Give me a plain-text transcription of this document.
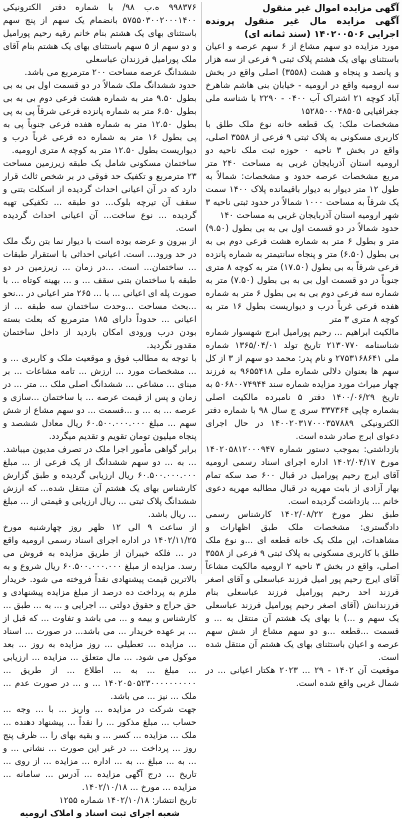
آگهی مزایده اموال غیر منقول

آگهی مزایده مال غیر منقول پرونده اجرایی ۱۴۰۲۰۰۵۰۶ (سند ثمانه ای)

مورد مزایده دو سهم مشاع از ۶ سهم عرصه و اعیان باستثنای بهای یک هشتم پلاک ثبتی ۹ فرعی از سه هزار و پانصد و پنجاه و هشت (۳۵۵۸) اصلی واقع در بخش سه ارومیه واقع در ارومیه - خیابان بنی هاشم شاهرخ آباد کوچه ۲۱ اشتراک آب ۰۴۰۰ - ۲۲۹۰ با شناسه ملی جغرافیایی ۱۵۲۸۵۰۰۰۴۸۵۰۵

مشخصات ملک: یک قطعه خانه نوع ملک طلق با کاربری مسکونی به پلاک ثبتی ۹ فرعی از ۳۵۵۸ اصلی، واقع در بخش ۳ ناحیه ۰ حوزه ثبت ملک ناحیه دو ارومیه استان آذربایجان غربی به مساحت ۲۴۰ متر مربع مشخصات عرصه حدود و مشخصات: شمالاً به طول ۱۲ متر دیوار به دیوار باقیمانده پلاک ۱۴۰۰ سمت یک شرقاً به مساحت ۱۰۰۰ شمالاً در حدود ثبتی ناحیه ۳ شهر ارومیه استان آذربایجان غربی به مساحت ۱۴۰

حدود شمالاً در دو قسمت اول بی به بی بطول (۹.۵۰) متر و بطول ۶ متر به شماره هشت فرعی دوم بی به بی بطول (۶.۵۰) متر و پنجاه سانتیمتر به شماره پانزده فرعی شرقاً به بی بطول (۱۷.۵۰) متر به کوچه ۸ متری جنوباً در دو قسمت اول بی به بی بطول (۷.۵۰) متر به شماره سه فرعی دوم بی به بی بطول ۶ متر به شماره هفده فرعی غرباً درب و دیواریست بطول ۱۶ متر به کوچه ۸ متری ۳ متر

مالکیت ابراهیم ... رحیم پورامیل ابرج شهسوار شماره شناسنامه ۲۱۳۰۷۷۰ تاریخ تولد ۱۳۶۵/۰۴/۰۱ شماره ملی ۲۷۵۳۱۶۸۶۴۱ و نام پدر: محمد دو سهم از ۳ از کل سهم ها بعنوان دلالی شماره ملی ۹۶۵۵۴۱۸ به فرزند چهار میراث مورد مزایده شماره سند ۵۰۶۸۰۰۷۴۹۴۴ به تاریخ ۱۴۰۰/۰۶/۲۹ دفتر ۵ نامبرده مالکیت اصلی بشماره چاپی ۳۳۷۳۶۴ سری ج سال ۹۸ با شماره دفتر الکترونیکی ۱۴۰۰۲۰۳۱۷۰۰۰۳۵۷۸۸۹ در حال اجرای دعوای ابرج صادر شده است.

بازداشتی: بموجب دستور شماره ۱۴۰۲۰۵۸۱۲۰۰۰۹۴۷ مورخ ۱۴۰۲/۰۴/۱۷ اداره اجرای اسناد رسمی ارومیه آقای ایرج رحیم پورامیل در قبال ۶۰۰ صد سکه تمام بهار آزادی از بابت مهریه در قبال مطالبه مهریه دعوی خانم ... بازداشت گردیده است.

طبق نظر مورخ ۱۴۰۲/۰۸/۲۲ کارشناس رسمی دادگستری: مشخصات ملک طبق اظهارات و مشاهدات، این ملک یک خانه قطعه ای ...و نوع ملک طلق با کاربری مسکونی به پلاک ثبتی ۹ فرعی از ۳۵۵۸ اصلی، واقع در بخش ۳ ناحیه ۲ ارومیه مالکیت مشاعاً آقای ایرج رحیم پور امیل فرزند عباسعلی و آقای اصغر فرزند احد رحیم پورامیل فرزند عباسعلی بنام فرزندانش (آقای اصغر رحیم پورامیل فرزند عباسعلی یک سهم و ...) با بهای یک هشتم آن منتقل به ... و قسمت ...قطعه ...و دو سهم مشاع از شش سهم عرصه و اعیان باستثنای بهای یک هشتم آن منتقل شده است.

موقعیت آن ۱۴۰۲ - ۲۹ ... ۲۰۲۳ هکتار اعیانی ... در شمال غربی واقع شده است.

۹۹۸۳۷۶ ه.ب ۹۸/ با شماره دفتر الکترونیکی ۵۷۵۵۰۳۰۰۲۰۰۰۱۴۰۰ بانضمام یک سهم از پنج سهم باستثنای بهای یک هشتم بنام خانم رقیه رحیم پورامیل و دو سهم از ۵ سهم باستثنای بهای یک هشتم بنام آقای ملک پورامیل فرزندان عباسعلی

ششدانگ عرصه مساحت ۲۰۰ مترمربع می باشد.

حدود ششدانگ ملک شمالاً در دو قسمت اول بی به بی بطول ۹.۵۰ متر به شماره هشت فرعی دوم بی به بی بطول ۶.۵۰ متر به شماره پانزده فرعی شرقاً پی به پی بطول ۱۲.۵۰ متر به شماره هفده فرعی جنوباً پی به پی بطول ۱۶ متر به شماره ده فرعی غرباً درب و دیواریست بطول ۱۲.۵۰ متر به کوچه ۸ متری ارومیه.

ساختمان مسکونی شامل یک طبقه زیرزمین مساحت ۲۳ مترمربع و تکفیک حد فوقی در بر شخص ثالث قرار دارد که در آن اعیانی احداث گردیده از اسکلت بتنی و سقف آن تیرچه بلوک... دو طبقه ... تکفیکی تهیه گردیده ... نوع ساخت... آن اعیانی احداث گردیده است.

از بیرون و عرضه بوده است با دیوار نما بتن رنگ ملک در حد ورود... است. اعیانی احداثی با استقرار طبقات ... ساختمان... است. ...در زمان ... زیرزمین در دو طبقه با ساختمان بتنی سقف ... و ... بهینه کوتاه ... با صورت پله ای اعیانی ... با ... ۲۶۵ متر اعیانی در ...نحو ...بحث مساحت ...وحدت ساختمان سه طبقه ... از اعیانی ... حدوداً دارای ۱۸۵ مترمربع که بعلت بسته بودن درب ورودی امکان بازدید از داخل ساختمان مقدور نگردید.

با توجه به مطالب فوق و موقعیت ملک و کاربری ... و ... مشخصات مورد ... ارزش ... تامه مشاعات ... بر مبنای ... مشاعی ... ششدانگ اصلی ملک ... متر ... در زمان و پس از قیمت عرصه ... با ساختمان ...سازی و عرصه ... به ... و ...قسمت ... دو سهم مشاع از شش سهم ... مبلغ ۶۰.۵۰۰.۰۰۰.۰۰۰ ریال معادل ششصد و پنجاه میلیون تومان تقویم و تقدیم میگردد.

برابر گواهی مأمور اجرا ملک در تصرف مدیون میباشد. ... به ... دو سهم ششدانگ از یک فرعی از ... مبلغ ۶۰.۵۰۰.۰۰۰.۰۰۰ ریال ارزیابی گردیده و طبق گزارش کارشناس بهای یک هشتم آن منتقل شده... که ارزش ششدانگ پلاک ثبتی ... ریال ارزیابی و قیمتی از ... مبلغ ... ریال باشد.

از ساعت ۹ الی ۱۲ ظهر روز چهارشنبه مورخ ۱۴۰۲/۱۱/۲۵ در اداره اجرای اسناد رسمی ارومیه واقع در ... فلکه خیبران از طریق مزایده به فروش می رسد. مزایده از مبلغ ۶۰.۵۰۰.۰۰۰.۰۰۰ ریال شروع و به بالاترین قیمت پیشنهادی نقداً فروخته می شود. خریدار ملزم به پرداخت ده درصد از مبلغ مزایده پیشنهادی و حق حراج و حقوق دولتی ... اجرایی و ... به ... طبق ... کارشناس و بیمه و ... می باشد و تفاوت ... که قبل از ... بر عهده خریدار ... می باشد... در صورت ... اسناد ... مزایده ... تعطیلی ... روز مزایده به روز ... بعد موکول می شود. ... مال متعلق ... مزایده ... ارزیابی ... مبلغ ... به ... اطلاع ... از طریق ... ۱۴۰۲۰۵۰۵۲۳۰۰۰۰۰۰۰۰۰۰ ... و ... در صورت عدم ... ملک ... نیز ... می باشد.

جهت شرکت در مزایده ... واریز ... با ... وجه ... حساب ... مبلغ مذکور ... را نقداً ... پیشنهاد دهنده ... ملک ... مزایده ... کسر ... و بقیه بهای را ... ظرف پنج روز ... پرداخت ... در غیر این صورت ... نشانی ... و ... به ... مبلغ ... به ... اداره ... مزایده ... از روی ... تاریخ ... درج آگهی مزایده ... آدرس ... سامانه ... مزایده ... مورخ ... ۱۴۰۲/۱۰/۱۸.

تاریخ انتشار: ۱۴۰۲/۱۰/۱۸ شماره ۱۲۵۵

شعبه اجرای ثبت اسناد و املاک ارومیه
